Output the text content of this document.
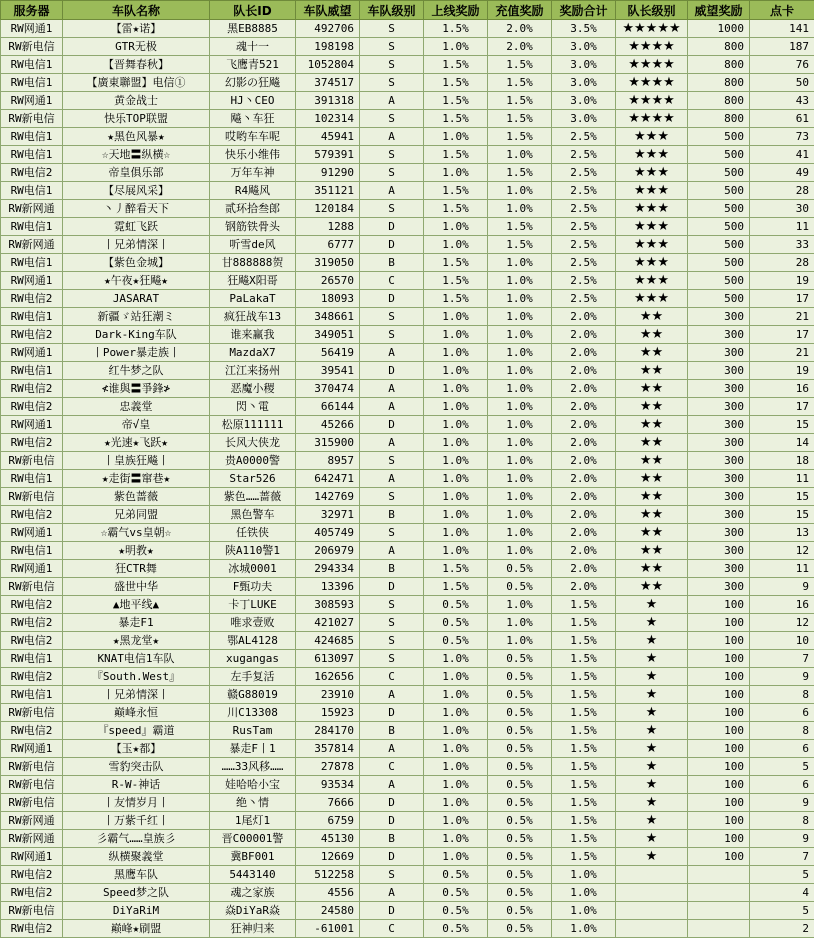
服务器	车队名称	队长ID	车队威望	车队级别	上线奖励	充值奖励	奖励合计	队长级别	威望奖励	点卡
RW网通1	【雷★诺】	黑EB8885	492706	S	1.5%	2.0%	3.5%	★★★★★	1000	141
RW新电信	GTR无极	魂十一	198198	S	1.0%	2.0%	3.0%	★★★★	800	187
RW电信1	【晋舞春秋】	飞鹰青521	1052804	S	1.5%	1.5%	3.0%	★★★★	800	76
RW电信1	【廣東聯盟】电信①	幻影の狂飚	374517	S	1.5%	1.5%	3.0%	★★★★	800	50
RW网通1	黄金战士	HJ丶CEO	391318	A	1.5%	1.5%	3.0%	★★★★	800	43
RW新电信	快乐TOP联盟	飚丶车狂	102314	S	1.5%	1.5%	3.0%	★★★★	800	61
RW电信1	★黑色风暴★	哎哟车车呢	45941	A	1.0%	1.5%	2.5%	★★★	500	73
RW电信1	☆天地〓纵横☆	快乐小维伟	579391	S	1.5%	1.0%	2.5%	★★★	500	41
RW电信2	帝皇俱乐部	万年车神	91290	S	1.0%	1.5%	2.5%	★★★	500	49
RW电信1	【尽展风采】	R4飚风	351121	A	1.5%	1.0%	2.5%	★★★	500	28
RW新网通	丶丿醉看天下	贰环拾叁郎	120184	S	1.5%	1.0%	2.5%	★★★	500	30
RW电信1	霓虹飞跃	钢筋铁骨头	1288	D	1.0%	1.5%	2.5%	★★★	500	11
RW新网通	丨兄弟情深丨	听雪de风	6777	D	1.0%	1.5%	2.5%	★★★	500	33
RW电信1	【紫色金城】	甘888888贺	319050	B	1.5%	1.0%	2.5%	★★★	500	28
RW网通1	★午夜★狂飚★	狂飚X阳哥	26570	C	1.5%	1.0%	2.5%	★★★	500	19
RW电信2	JASARAT	PaLakaT	18093	D	1.5%	1.0%	2.5%	★★★	500	17
RW电信1	新疆ゞ站狂潮ミ	疯狂战车13	348661	S	1.0%	1.0%	2.0%	★★	300	21
RW电信2	Dark-King车队	谁来赢我	349051	S	1.0%	1.0%	2.0%	★★	300	17
RW网通1	丨Power暴走族丨	MazdaX7	56419	A	1.0%	1.0%	2.0%	★★	300	21
RW电信1	红牛梦之队	江江来扬州	39541	D	1.0%	1.0%	2.0%	★★	300	19
RW电信2	≮谁與〓爭鋒≯	恶魔小稷	370474	A	1.0%	1.0%	2.0%	★★	300	16
RW电信2	忠義堂	閃丶電	66144	A	1.0%	1.0%	2.0%	★★	300	17
RW网通1	帝√皇	松原111111	45266	D	1.0%	1.0%	2.0%	★★	300	15
RW电信2	★光速★飞跃★	长风大侠龙	315900	A	1.0%	1.0%	2.0%	★★	300	14
RW新电信	丨皇族狂飚丨	贵A0000警	8957	S	1.0%	1.0%	2.0%	★★	300	18
RW电信1	★走街〓窜巷★	Star526	642471	A	1.0%	1.0%	2.0%	★★	300	11
RW新电信	紫色蔷薇	紫色……蔷薇	142769	S	1.0%	1.0%	2.0%	★★	300	15
RW电信2	兄弟同盟	黑色警车	32971	B	1.0%	1.0%	2.0%	★★	300	15
RW网通1	☆霸气vs皇朝☆	任铁侠	405749	S	1.0%	1.0%	2.0%	★★	300	13
RW电信1	★明教★	陕A110警1	206979	A	1.0%	1.0%	2.0%	★★	300	12
RW网通1	狂CTR舞	冰城0001	294334	B	1.5%	0.5%	2.0%	★★	300	11
RW新电信	盛世中华	F甄功夫	13396	D	1.5%	0.5%	2.0%	★★	300	9
RW电信2	▲地平线▲	卡丁LUKE	308593	S	0.5%	1.0%	1.5%	★	100	16
RW电信2	暴走F1	唯求壹败	421027	S	0.5%	1.0%	1.5%	★	100	12
RW电信2	★黑龙堂★	鄂AL4128	424685	S	0.5%	1.0%	1.5%	★	100	10
RW电信1	KNAT电信1车队	xugangas	613097	S	1.0%	0.5%	1.5%	★	100	7
RW电信2	『South.West』	左手复活	162656	C	1.0%	0.5%	1.5%	★	100	9
RW电信1	丨兄弟情深丨	赣G88019	23910	A	1.0%	0.5%	1.5%	★	100	8
RW新电信	巅峰永恒	川C13308	15923	D	1.0%	0.5%	1.5%	★	100	6
RW电信2	『speed』霸道	RusTam	284170	B	1.0%	0.5%	1.5%	★	100	8
RW网通1	【玉★都】	暴走F丨1	357814	A	1.0%	0.5%	1.5%	★	100	6
RW新电信	雪豹突击队	……33风移……	27878	C	1.0%	0.5%	1.5%	★	100	5
RW新电信	R-W-神话	娃哈哈小宝	93534	A	1.0%	0.5%	1.5%	★	100	6
RW新电信	丨友情岁月丨	绝丶情	7666	D	1.0%	0.5%	1.5%	★	100	9
RW新网通	丨万紫千红丨	1尾灯1	6759	D	1.0%	0.5%	1.5%	★	100	8
RW新网通	彡霸气……皇族彡	晋C00001警	45130	B	1.0%	0.5%	1.5%	★	100	9
RW网通1	纵横聚義堂	冀BF001	12669	D	1.0%	0.5%	1.5%	★	100	7
RW电信2	黑鹰车队	5443140	512258	S	0.5%	0.5%	1.0%			5
RW电信2	Speed梦之队	魂之家族	4556	A	0.5%	0.5%	1.0%			4
RW新电信	DiYaRiM	焱DiYaR焱	24580	D	0.5%	0.5%	1.0%			5
RW电信2	巅峰★刷盟	狂神归来	-61001	C	0.5%	0.5%	1.0%			2
